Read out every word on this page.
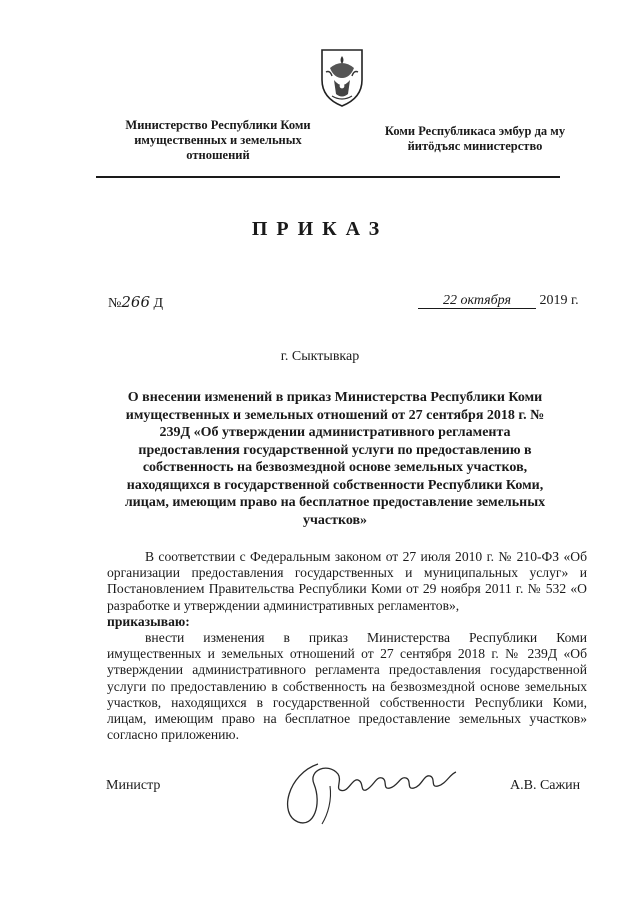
Министерство Республики Коми имущественных и земельных отношений
Коми Республикаса эмбур да му йитӧдъяс министерство
ПРИКАЗ
№266 Д	22 октября 2019 г.
г. Сыктывкар
О внесении изменений в приказ Министерства Республики Коми имущественных и земельных отношений от 27 сентября 2018 г. № 239Д «Об утверждении административного регламента предоставления государственной услуги по предоставлению в собственность на безвозмездной основе земельных участков, находящихся в государственной собственности Республики Коми, лицам, имеющим право на бесплатное предоставление земельных участков»

В соответствии с Федеральным законом от 27 июля 2010 г. № 210-ФЗ «Об организации предоставления государственных и муниципальных услуг» и Постановлением Правительства Республики Коми от 29 ноября 2011 г. № 532 «О разработке и утверждении административных регламентов»,

приказываю:

внести изменения в приказ Министерства Республики Коми имущественных и земельных отношений от 27 сентября 2018 г. № 239Д «Об утверждении административного регламента предоставления государственной услуги по предоставлению в собственность на безвозмездной основе земельных участков, находящихся в государственной собственности Республики Коми, лицам, имеющим право на бесплатное предоставление земельных участков» согласно приложению.

Министр	А.В. Сажин
